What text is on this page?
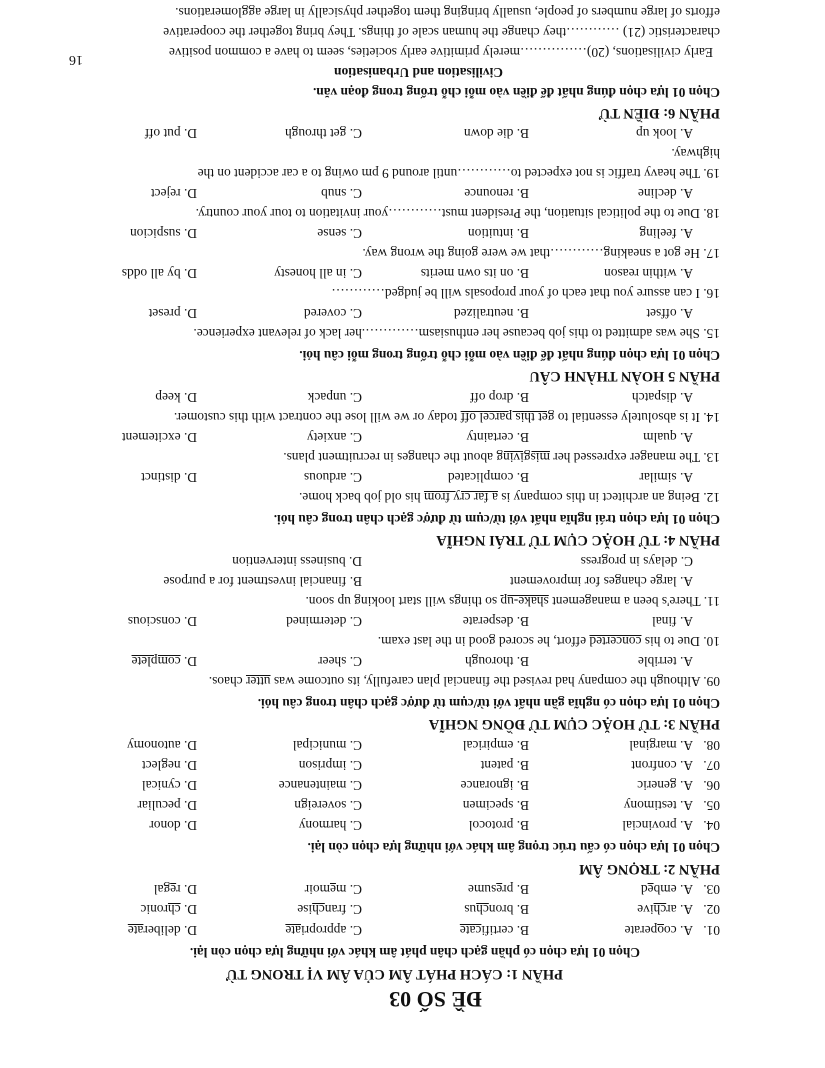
ĐỀ SỐ 03
PHẦN 1: CÁCH PHÁT ÂM CỦA ÂM VỊ TRONG TỪ
Chọn 01 lựa chọn có phần gạch chân phát âm khác với những lựa chọn còn lại.
01.
A. cooperate
B. certificate
C. appropriate
D. deliberate
02.
A. archive
B. bronchus
C. franchise
D. chronic
03.
A. embed
B. presume
C. memoir
D. regal
PHẦN 2: TRỌNG ÂM
Chọn 01 lựa chọn có cấu trúc trọng âm khác với những lựa chọn còn lại.
04.
A. provincial
B. protocol
C. harmony
D. donor
05.
A. testimony
B. specimen
C. sovereign
D. peculiar
06.
A. generic
B. ignorance
C. maintenance
D. cynical
07.
A. confront
B. patent
C. imprison
D. neglect
08.
A. marginal
B. empirical
C. municipal
D. autonomy
PHẦN 3: TỪ HOẶC CỤM TỪ ĐỒNG NGHĨA
Chọn 01 lựa chọn có nghĩa gần nhất với từ/cụm từ được gạch chân trong câu hỏi.
09. Although the company had revised the financial plan carefully, its outcome was utter chaos.
A. terrible
B. thorough
C. sheer
D. complete
10. Due to his concerted effort, he scored good in the last exam.
A. final
B. desperate
C. determined
D. conscious
11. There's been a management shake-up so things will start looking up soon.
A. large changes for improvement
B. financial investment for a purpose
C. delays in progress
D. business intervention
PHẦN 4: TỪ HOẶC CỤM TỪ TRÁI NGHĨA
Chọn 01 lựa chọn trái nghĩa nhất với từ/cụm từ được gạch chân trong câu hỏi.
12. Being an architect in this company is a far cry from his old job back home.
A. similar
B. complicated
C. arduous
D. distinct
13. The manager expressed her misgiving about the changes in recruitment plans.
A. qualm
B. certainty
C. anxiety
D. excitement
14. It is absolutely essential to get this parcel off today or we will lose the contract with this customer.
A. dispatch
B. drop off
C. unpack
D. keep
PHẦN 5 HOÀN THÀNH CÂU
Chọn 01 lựa chọn đúng nhất để điền vào mỗi chỗ trống trong mỗi câu hỏi.
15. She was admitted to this job because her enthusiasm………….her lack of relevant experience.
A. offset
B. neutralized
C. covered
D. preset
16. I can assure you that each of your proposals will be judged…………
A. within reason
B. on its own merits
C. in all honesty
D. by all odds
17. He got a sneaking…………that we were going the wrong way.
A. feeling
B. intuition
C. sense
D. suspicion
18. Due to the political situation, the President must…………your invitation to tour your country.
A. decline
B. renounce
C. snub
D. reject
19. The heavy traffic is not expected to…………until around 9 pm owing to a car accident on the
highway.
A. look up
B. die down
C. get through
D. put off
PHẦN 6: ĐIỀN TỪ
Chọn 01 lựa chọn đúng nhất để điền vào mỗi chỗ trống trong đoạn văn.
Civilisation and Urbanisation
Early civilisations, (20)……………merely primitive early societies, seem to have a common positive
characteristic (21) …………they change the human scale of things. They bring together the cooperative
efforts of large numbers of people, usually bringing them together physically in large agglomerations.
16
